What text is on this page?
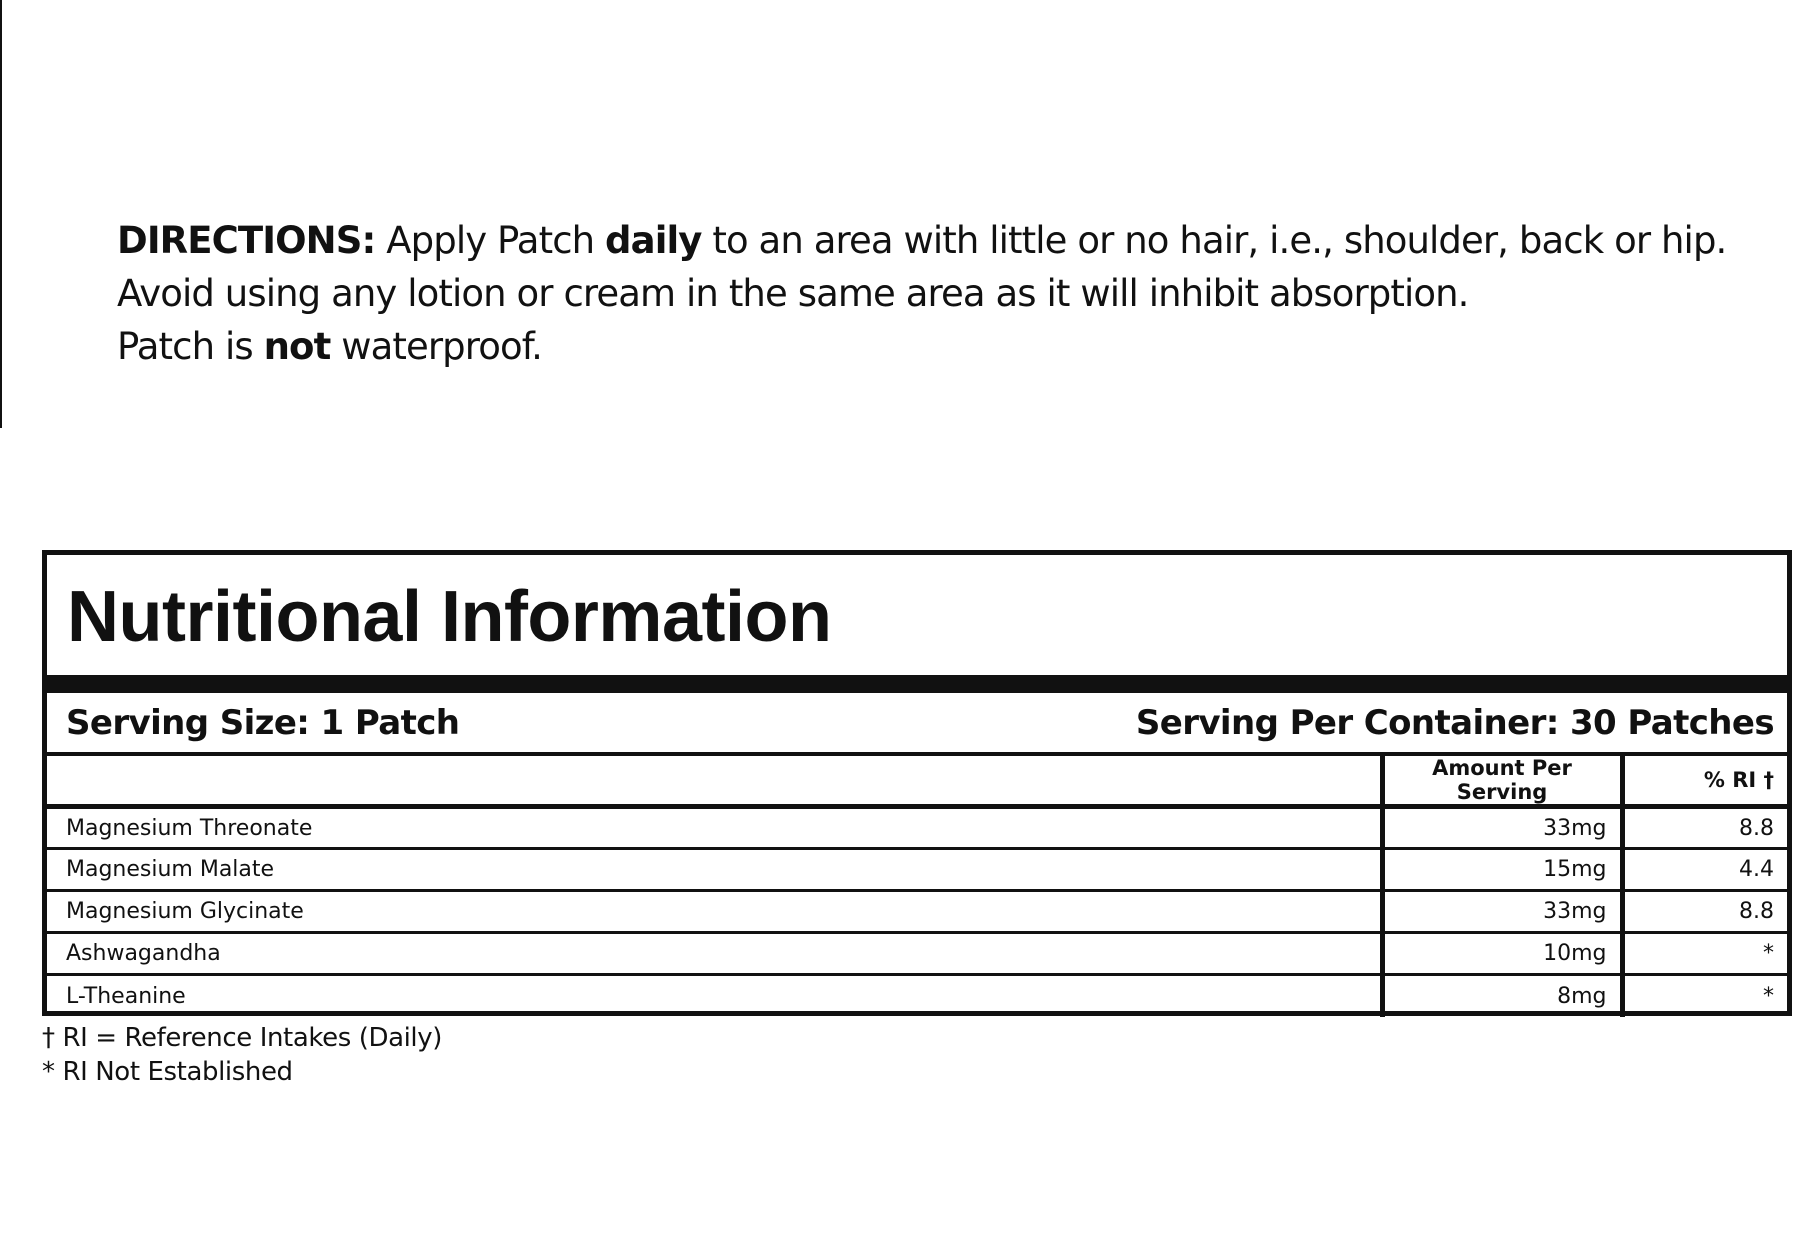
DIRECTIONS: Apply Patch daily to an area with little or no hair, i.e., shoulder, back or hip.
Avoid using any lotion or cream in the same area as it will inhibit absorption.
Patch is not waterproof.
Nutritional Information
Serving Size: 1 Patch	Serving Per Container: 30 Patches
	Amount Per Serving	% RI †
Magnesium Threonate	33mg	8.8
Magnesium Malate	15mg	4.4
Magnesium Glycinate	33mg	8.8
Ashwagandha	10mg	*
L-Theanine	8mg	*
† RI = Reference Intakes (Daily)
* RI Not Established
